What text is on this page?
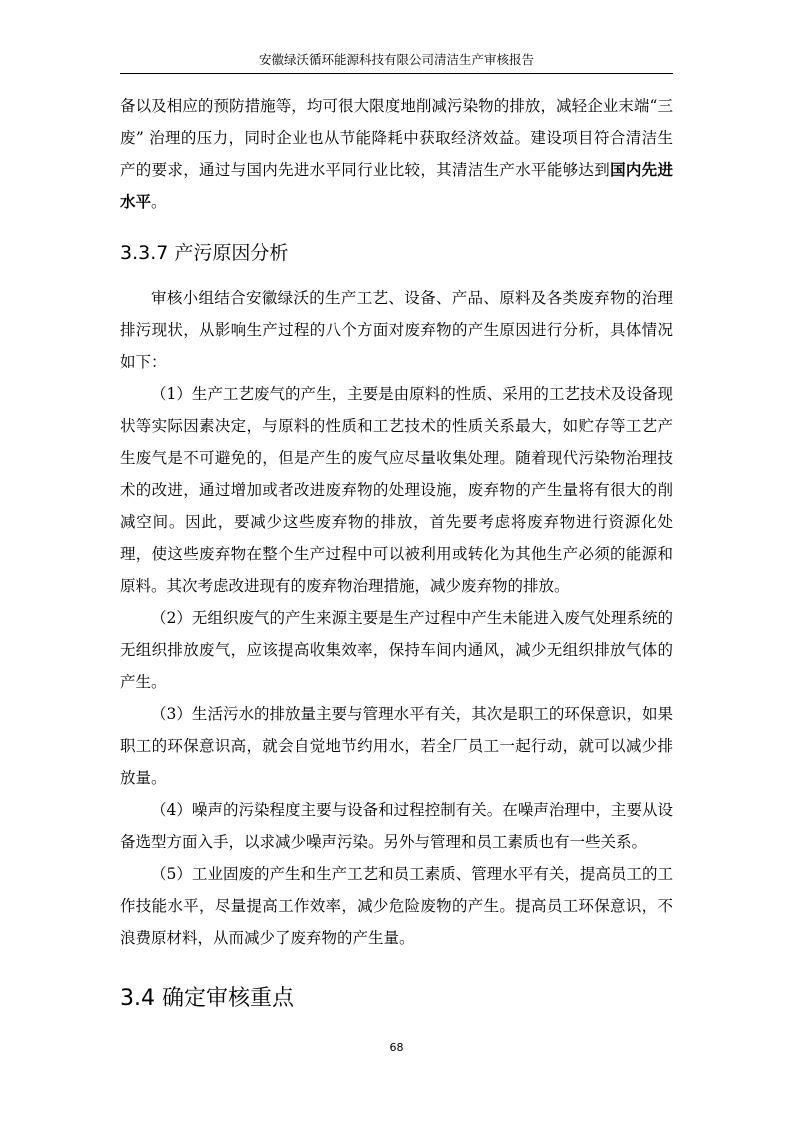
安徽绿沃循环能源科技有限公司清洁生产审核报告

备以及相应的预防措施等，均可很大限度地削减污染物的排放，减轻企业末端“三废” 治理的压力，同时企业也从节能降耗中获取经济效益。建设项目符合清洁生产的要求，通过与国内先进水平同行业比较，其清洁生产水平能够达到国内先进水平。

3.3.7 产污原因分析

审核小组结合安徽绿沃的生产工艺、设备、产品、原料及各类废弃物的治理排污现状，从影响生产过程的八个方面对废弃物的产生原因进行分析，具体情况如下：

（1）生产工艺废气的产生，主要是由原料的性质、采用的工艺技术及设备现状等实际因素决定，与原料的性质和工艺技术的性质关系最大，如贮存等工艺产生废气是不可避免的，但是产生的废气应尽量收集处理。随着现代污染物治理技术的改进，通过增加或者改进废弃物的处理设施，废弃物的产生量将有很大的削减空间。因此，要减少这些废弃物的排放，首先要考虑将废弃物进行资源化处理，使这些废弃物在整个生产过程中可以被利用或转化为其他生产必须的能源和原料。其次考虑改进现有的废弃物治理措施，减少废弃物的排放。

（2）无组织废气的产生来源主要是生产过程中产生未能进入废气处理系统的无组织排放废气，应该提高收集效率，保持车间内通风，减少无组织排放气体的产生。

（3）生活污水的排放量主要与管理水平有关，其次是职工的环保意识，如果职工的环保意识高，就会自觉地节约用水，若全厂员工一起行动，就可以减少排放量。

（4）噪声的污染程度主要与设备和过程控制有关。在噪声治理中，主要从设备选型方面入手，以求减少噪声污染。另外与管理和员工素质也有一些关系。

（5）工业固废的产生和生产工艺和员工素质、管理水平有关，提高员工的工作技能水平，尽量提高工作效率，减少危险废物的产生。提高员工环保意识，不浪费原材料，从而减少了废弃物的产生量。

3.4 确定审核重点
68
